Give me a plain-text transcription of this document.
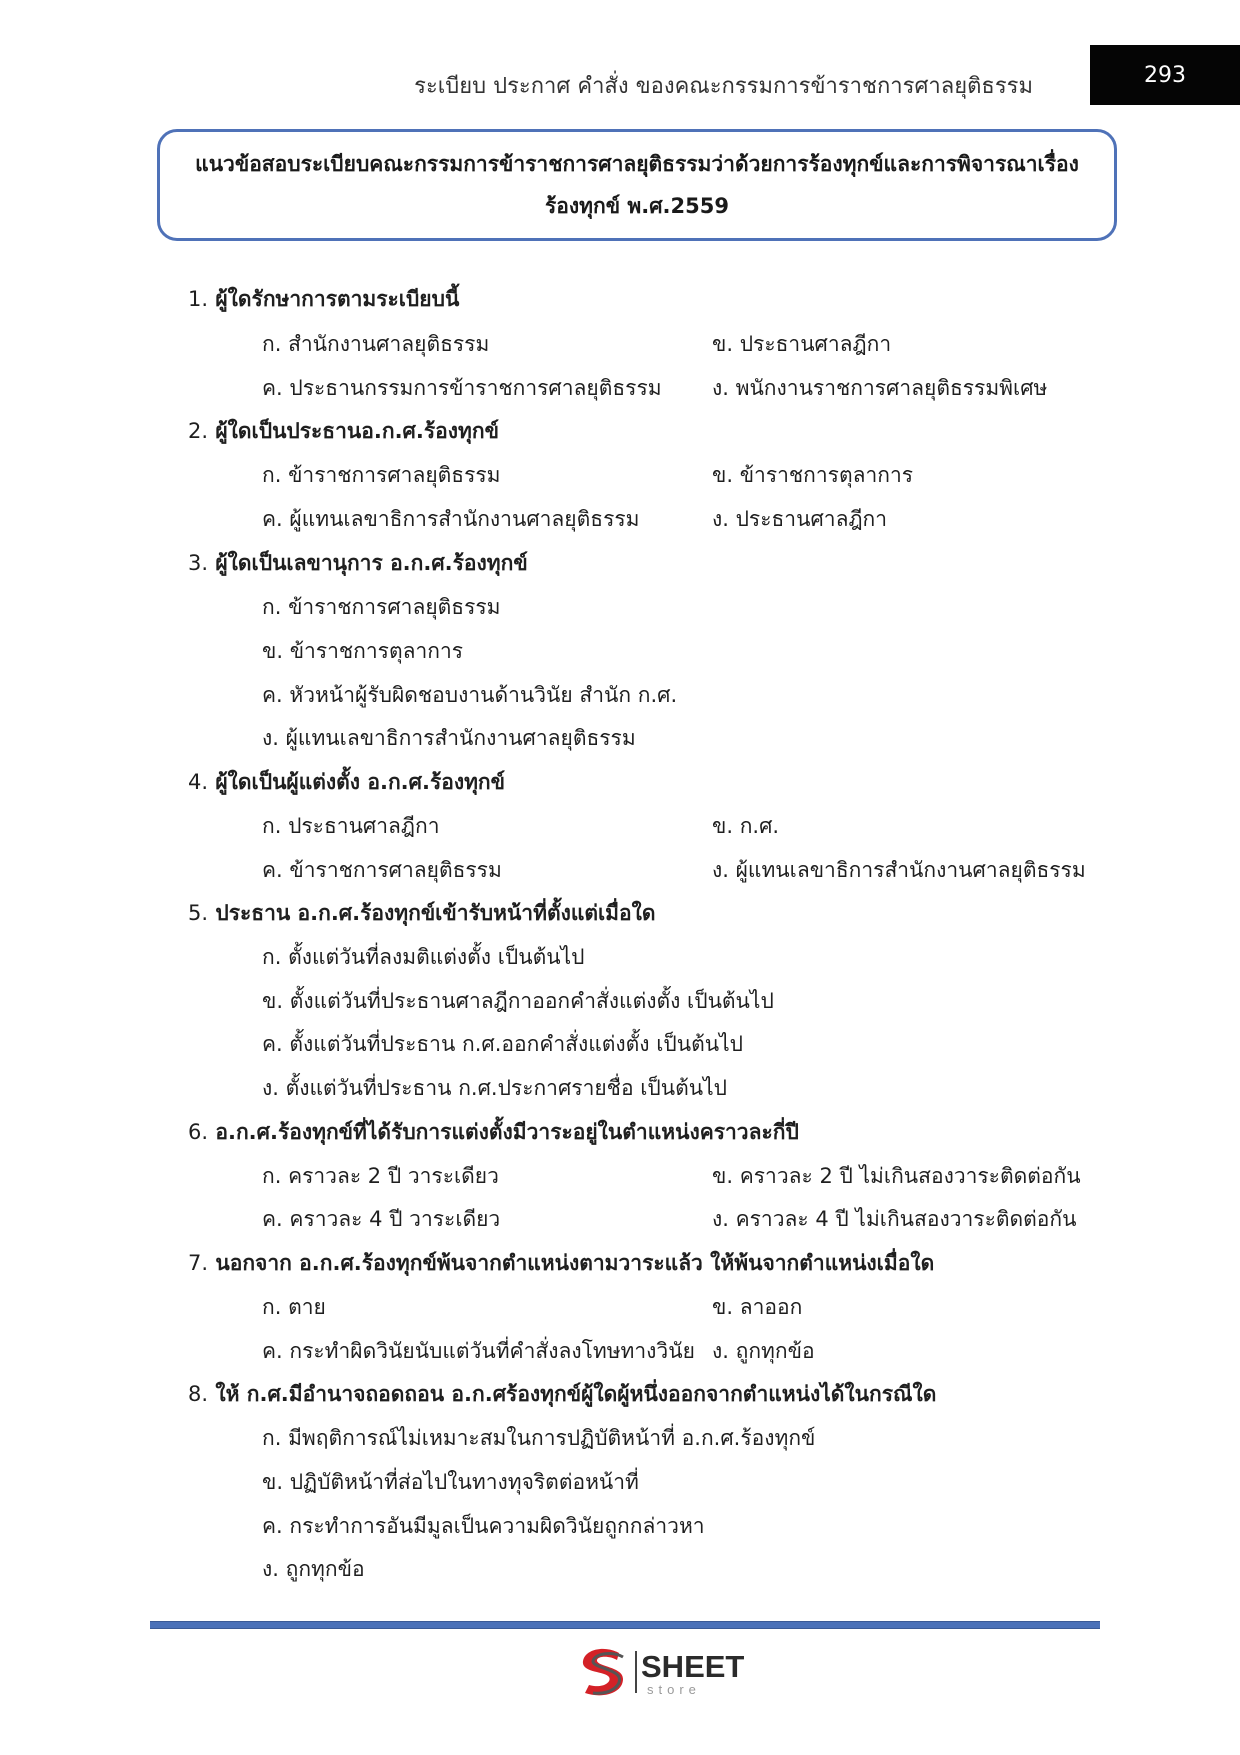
ระเบียบ ประกาศ คำสั่ง ของคณะกรรมการข้าราชการศาลยุติธรรม	293
แนวข้อสอบระเบียบคณะกรรมการข้าราชการศาลยุติธรรมว่าด้วยการร้องทุกข์และการพิจารณาเรื่อง
ร้องทุกข์ พ.ศ.2559
1. ผู้ใดรักษาการตามระเบียบนี้
ก. สำนักงานศาลยุติธรรม	ข. ประธานศาลฎีกา
ค. ประธานกรรมการข้าราชการศาลยุติธรรม ง. พนักงานราชการศาลยุติธรรมพิเศษ
2. ผู้ใดเป็นประธานอ.ก.ศ.ร้องทุกข์
ก. ข้าราชการศาลยุติธรรม	ข. ข้าราชการตุลาการ
ค. ผู้แทนเลขาธิการสำนักงานศาลยุติธรรม	ง. ประธานศาลฎีกา
3. ผู้ใดเป็นเลขานุการ อ.ก.ศ.ร้องทุกข์
ก. ข้าราชการศาลยุติธรรม
ข. ข้าราชการตุลาการ
ค. หัวหน้าผู้รับผิดชอบงานด้านวินัย สำนัก ก.ศ.
ง. ผู้แทนเลขาธิการสำนักงานศาลยุติธรรม
4. ผู้ใดเป็นผู้แต่งตั้ง อ.ก.ศ.ร้องทุกข์
ก. ประธานศาลฎีกา	ข. ก.ศ.
ค. ข้าราชการศาลยุติธรรม	ง. ผู้แทนเลขาธิการสำนักงานศาลยุติธรรม
5. ประธาน อ.ก.ศ.ร้องทุกข์เข้ารับหน้าที่ตั้งแต่เมื่อใด
ก. ตั้งแต่วันที่ลงมติแต่งตั้ง เป็นต้นไป
ข. ตั้งแต่วันที่ประธานศาลฎีกาออกคำสั่งแต่งตั้ง เป็นต้นไป
ค. ตั้งแต่วันที่ประธาน ก.ศ.ออกคำสั่งแต่งตั้ง เป็นต้นไป
ง. ตั้งแต่วันที่ประธาน ก.ศ.ประกาศรายชื่อ เป็นต้นไป
6. อ.ก.ศ.ร้องทุกข์ที่ได้รับการแต่งตั้งมีวาระอยู่ในตำแหน่งคราวละกี่ปี
ก. คราวละ 2 ปี วาระเดียว	ข. คราวละ 2 ปี ไม่เกินสองวาระติดต่อกัน
ค. คราวละ 4 ปี วาระเดียว	ง. คราวละ 4 ปี ไม่เกินสองวาระติดต่อกัน
7. นอกจาก อ.ก.ศ.ร้องทุกข์พ้นจากตำแหน่งตามวาระแล้ว ให้พ้นจากตำแหน่งเมื่อใด
ก. ตาย	ข. ลาออก
ค. กระทำผิดวินัยนับแต่วันที่คำสั่งลงโทษทางวินัย ง. ถูกทุกข้อ
8. ให้ ก.ศ.มีอำนาจถอดถอน อ.ก.ศร้องทุกข์ผู้ใดผู้หนึ่งออกจากตำแหน่งได้ในกรณีใด
ก. มีพฤติการณ์ไม่เหมาะสมในการปฏิบัติหน้าที่ อ.ก.ศ.ร้องทุกข์
ข. ปฏิบัติหน้าที่ส่อไปในทางทุจริตต่อหน้าที่
ค. กระทำการอันมีมูลเป็นความผิดวินัยถูกกล่าวหา
ง. ถูกทุกข้อ
SHEET
store
